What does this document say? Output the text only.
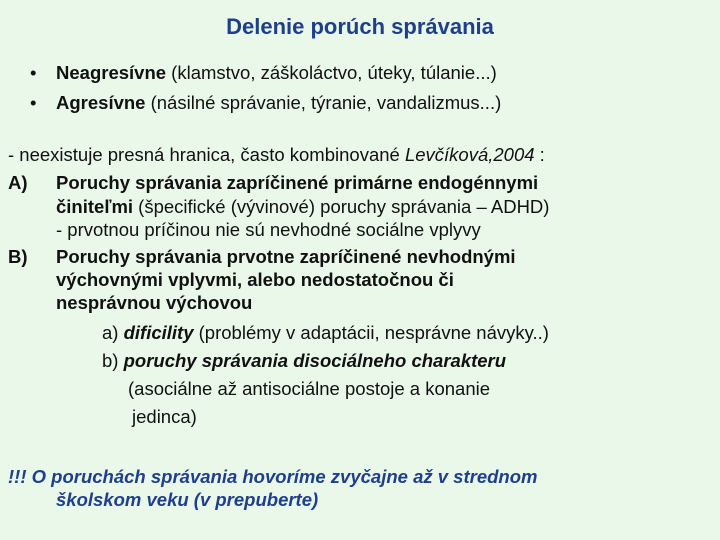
Delenie porúch správania
• Neagresívne (klamstvo, záškoláctvo, úteky, túlanie...)
• Agresívne (násilné správanie, týranie, vandalizmus...)
- neexistuje presná hranica, často kombinované Levčíková,2004 :
A) Poruchy správania zapríčinené primárne endogénnymi
činiteľmi (špecifické (vývinové) poruchy správania – ADHD)
- prvotnou príčinou nie sú nevhodné sociálne vplyvy
B) Poruchy správania prvotne zapríčinené nevhodnými
výchovnými vplyvmi, alebo nedostatočnou či
nesprávnou výchovou
a) dificility (problémy v adaptácii, nesprávne návyky..)
b) poruchy správania disociálneho charakteru
(asociálne až antisociálne postoje a konanie
jedinca)
!!! O poruchách správania hovoríme zvyčajne až v strednom
školskom veku (v prepuberte)
